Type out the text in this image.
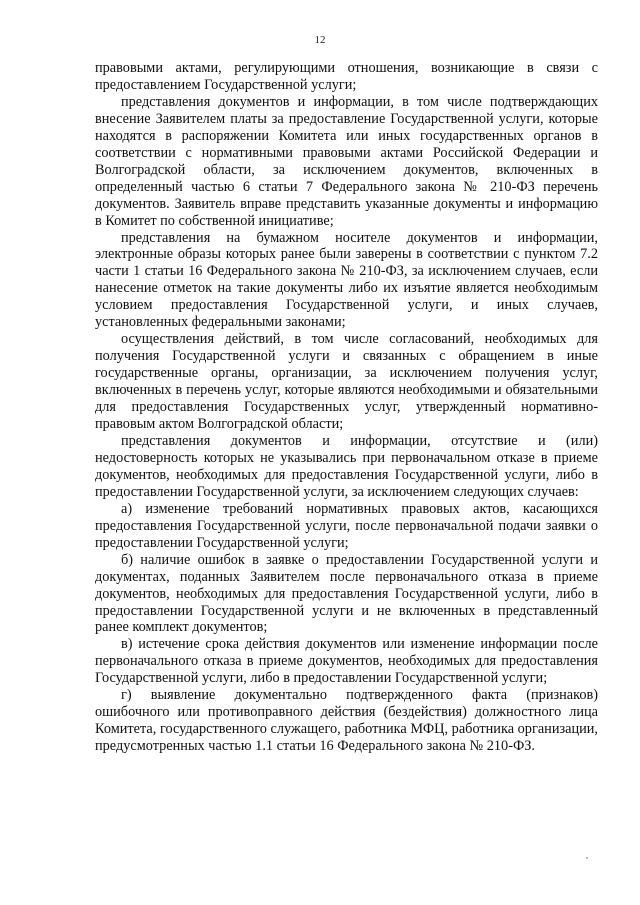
12

правовыми актами, регулирующими отношения, возникающие в связи с предоставлением Государственной услуги;

представления документов и информации, в том числе подтверждающих внесение Заявителем платы за предоставление Государственной услуги, которые находятся в распоряжении Комитета или иных государственных органов в соответствии с нормативными правовыми актами Российской Федерации и Волгоградской области, за исключением документов, включенных в определенный частью 6 статьи 7 Федерального закона № 210-ФЗ перечень документов. Заявитель вправе представить указанные документы и информацию в Комитет по собственной инициативе;

представления на бумажном носителе документов и информации, электронные образы которых ранее были заверены в соответствии с пунктом 7.2 части 1 статьи 16 Федерального закона № 210-ФЗ, за исключением случаев, если нанесение отметок на такие документы либо их изъятие является необходимым условием предоставления Государственной услуги, и иных случаев, установленных федеральными законами;

осуществления действий, в том числе согласований, необходимых для получения Государственной услуги и связанных с обращением в иные государственные органы, организации, за исключением получения услуг, включенных в перечень услуг, которые являются необходимыми и обязательными для предоставления Государственных услуг, утвержденный нормативно-правовым актом Волгоградской области;

представления документов и информации, отсутствие и (или) недостоверность которых не указывались при первоначальном отказе в приеме документов, необходимых для предоставления Государственной услуги, либо в предоставлении Государственной услуги, за исключением следующих случаев:

а) изменение требований нормативных правовых актов, касающихся предоставления Государственной услуги, после первоначальной подачи заявки о предоставлении Государственной услуги;

б) наличие ошибок в заявке о предоставлении Государственной услуги и документах, поданных Заявителем после первоначального отказа в приеме документов, необходимых для предоставления Государственной услуги, либо в предоставлении Государственной услуги и не включенных в представленный ранее комплект документов;

в) истечение срока действия документов или изменение информации после первоначального отказа в приеме документов, необходимых для предоставления Государственной услуги, либо в предоставлении Государственной услуги;

г) выявление документально подтвержденного факта (признаков) ошибочного или противоправного действия (бездействия) должностного лица Комитета, государственного служащего, работника МФЦ, работника организации, предусмотренных частью 1.1 статьи 16 Федерального закона № 210-ФЗ.
